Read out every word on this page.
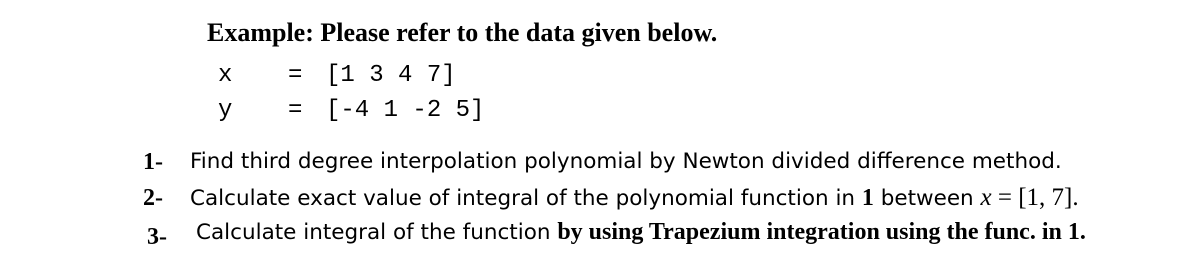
Example: Please refer to the data given below.
x = [1 3 4 7]
y = [-4 1 -2 5]
1- Find third degree interpolation polynomial by Newton divided difference method.
2- Calculate exact value of integral of the polynomial function in 1 between x = [1, 7].
3- Calculate integral of the function by using Trapezium integration using the func. in 1.
